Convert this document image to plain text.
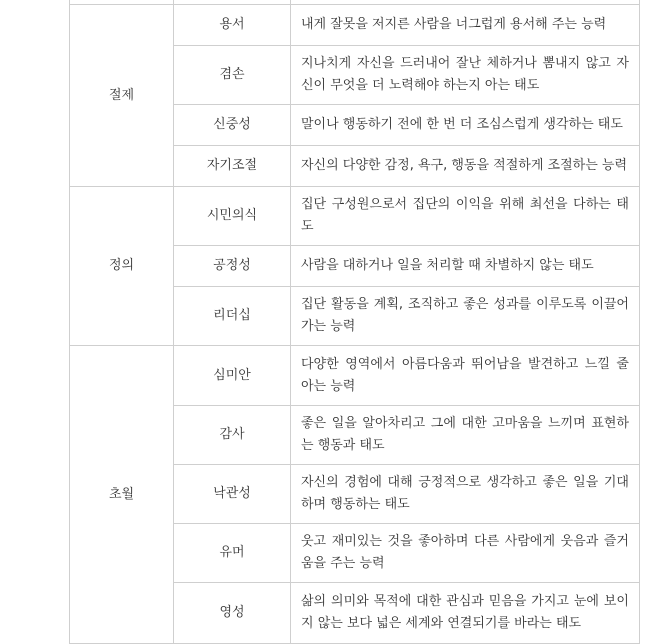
절제	용서	내게 잘못을 저지른 사람을 너그럽게 용서해 주는 능력
	겸손	지나치게 자신을 드러내어 잘난 체하거나 뽐내지 않고 자신이 무엇을 더 노력해야 하는지 아는 태도
	신중성	말이나 행동하기 전에 한 번 더 조심스럽게 생각하는 태도
	자기조절	자신의 다양한 감정, 욕구, 행동을 적절하게 조절하는 능력
정의	시민의식	집단 구성원으로서 집단의 이익을 위해 최선을 다하는 태도
	공정성	사람을 대하거나 일을 처리할 때 차별하지 않는 태도
	리더십	집단 활동을 계획, 조직하고 좋은 성과를 이루도록 이끌어 가는 능력
초월	심미안	다양한 영역에서 아름다움과 뛰어남을 발견하고 느낄 줄 아는 능력
	감사	좋은 일을 알아차리고 그에 대한 고마움을 느끼며 표현하는 행동과 태도
	낙관성	자신의 경험에 대해 긍정적으로 생각하고 좋은 일을 기대하며 행동하는 태도
	유머	웃고 재미있는 것을 좋아하며 다른 사람에게 웃음과 즐거움을 주는 능력
	영성	삶의 의미와 목적에 대한 관심과 믿음을 가지고 눈에 보이지 않는 보다 넓은 세계와 연결되기를 바라는 태도
